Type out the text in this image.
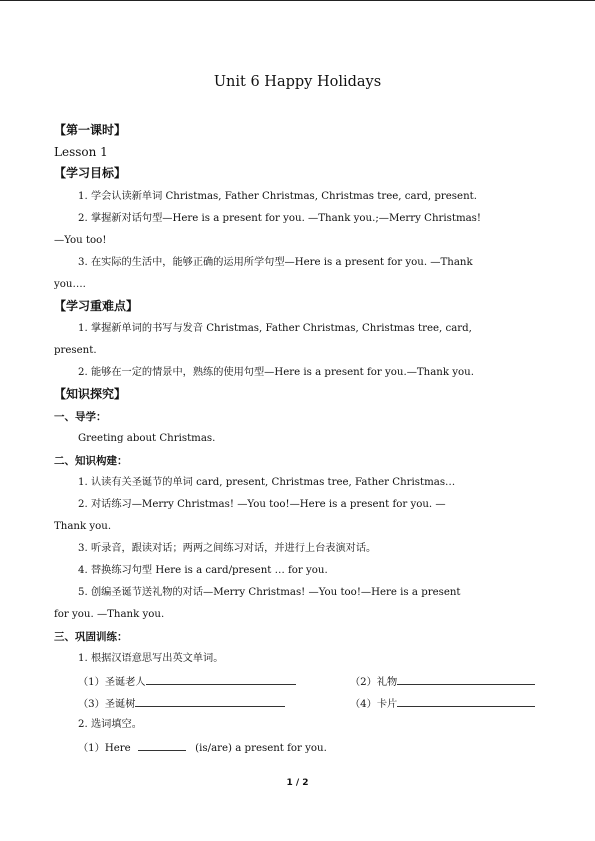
Unit 6 Happy Holidays
【第一课时】
Lesson 1
【学习目标】
1. 学会认读新单词 Christmas, Father Christmas, Christmas tree, card, present.
2. 掌握新对话句型—Here is a present for you. —Thank you.;—Merry Christmas!
—You too!
3. 在实际的生活中，能够正确的运用所学句型—Here is a present for you. —Thank
you….
【学习重难点】
1. 掌握新单词的书写与发音 Christmas, Father Christmas, Christmas tree, card,
present.
2. 能够在一定的情景中，熟练的使用句型—Here is a present for you.—Thank you.
【知识探究】
一、导学：
Greeting about Christmas.
二、知识构建：
1. 认读有关圣诞节的单词 card, present, Christmas tree, Father Christmas…
2. 对话练习—Merry Christmas! —You too!—Here is a present for you. —
Thank you.
3. 听录音，跟读对话；两两之间练习对话，并进行上台表演对话。
4. 替换练习句型 Here is a card/present … for you.
5. 创编圣诞节送礼物的对话—Merry Christmas! —You too!—Here is a present
for you. —Thank you.
三、巩固训练：
1. 根据汉语意思写出英文单词。
（1）圣诞老人	（2）礼物
（3）圣诞树	（4）卡片
2. 选词填空。
（1）Here	(is/are) a present for you.
1 / 2
